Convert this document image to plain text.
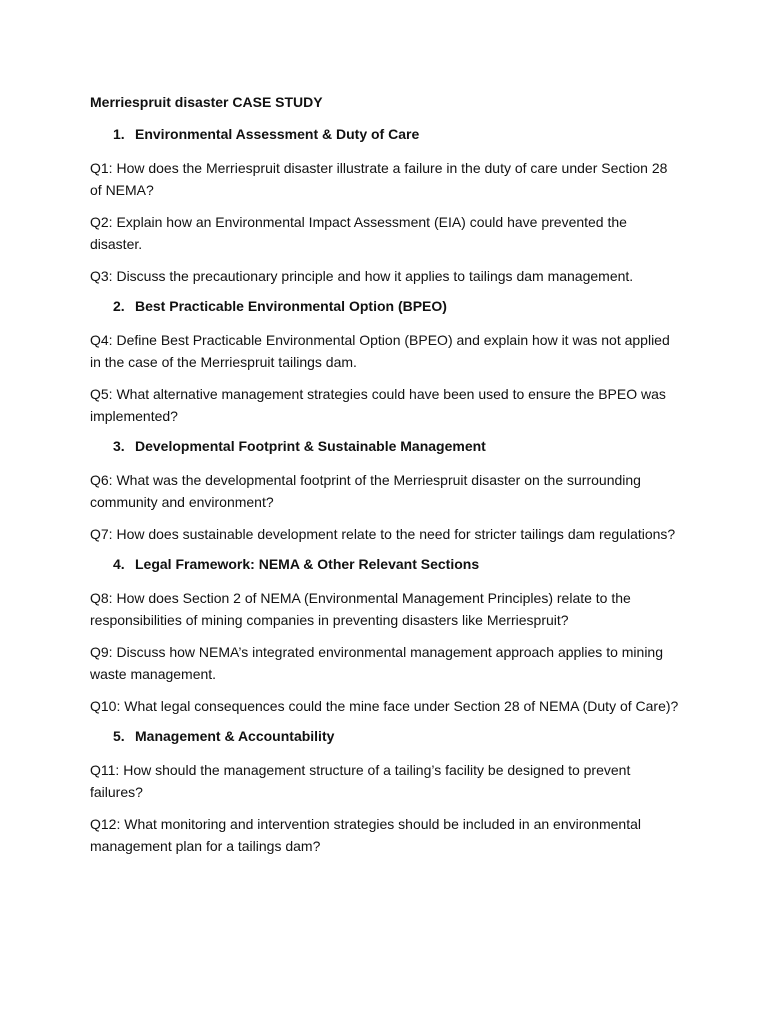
Merriespruit disaster CASE STUDY
1. Environmental Assessment & Duty of Care

Q1: How does the Merriespruit disaster illustrate a failure in the duty of care under Section 28 of NEMA?

Q2: Explain how an Environmental Impact Assessment (EIA) could have prevented the disaster.

Q3: Discuss the precautionary principle and how it applies to tailings dam management.

2. Best Practicable Environmental Option (BPEO)

Q4: Define Best Practicable Environmental Option (BPEO) and explain how it was not applied in the case of the Merriespruit tailings dam.

Q5: What alternative management strategies could have been used to ensure the BPEO was implemented?

3. Developmental Footprint & Sustainable Management

Q6: What was the developmental footprint of the Merriespruit disaster on the surrounding community and environment?

Q7: How does sustainable development relate to the need for stricter tailings dam regulations?

4. Legal Framework: NEMA & Other Relevant Sections

Q8: How does Section 2 of NEMA (Environmental Management Principles) relate to the responsibilities of mining companies in preventing disasters like Merriespruit?

Q9: Discuss how NEMA’s integrated environmental management approach applies to mining waste management.

Q10: What legal consequences could the mine face under Section 28 of NEMA (Duty of Care)?

5. Management & Accountability

Q11: How should the management structure of a tailing’s facility be designed to prevent failures?

Q12: What monitoring and intervention strategies should be included in an environmental management plan for a tailings dam?
